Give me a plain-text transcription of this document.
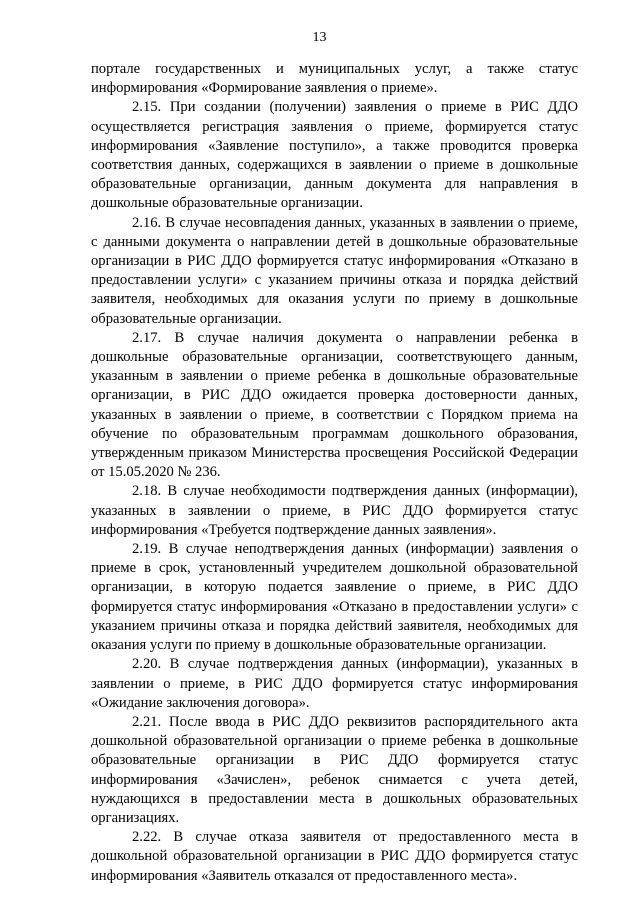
13

порталe государственных и муниципальных услуг, а также статус информирования «Формирование заявления о приеме».

2.15. При создании (получении) заявления о приеме в РИС ДДО осуществляется регистрация заявления о приеме, формируется статус информирования «Заявление поступило», а также проводится проверка соответствия данных, содержащихся в заявлении о приеме в дошкольные образовательные организации, данным документа для направления в дошкольные образовательные организации.

2.16. В случае несовпадения данных, указанных в заявлении о приеме, с данными документа о направлении детей в дошкольные образовательные организации в РИС ДДО формируется статус информирования «Отказано в предоставлении услуги» с указанием причины отказа и порядка действий заявителя, необходимых для оказания услуги по приему в дошкольные образовательные организации.

2.17. В случае наличия документа о направлении ребенка в дошкольные образовательные организации, соответствующего данным, указанным в заявлении о приеме ребенка в дошкольные образовательные организации, в РИС ДДО ожидается проверка достоверности данных, указанных в заявлении о приеме, в соответствии с Порядком приема на обучение по образовательным программам дошкольного образования, утвержденным приказом Министерства просвещения Российской Федерации от 15.05.2020 № 236.

2.18. В случае необходимости подтверждения данных (информации), указанных в заявлении о приеме, в РИС ДДО формируется статус информирования «Требуется подтверждение данных заявления».

2.19. В случае неподтверждения данных (информации) заявления о приеме в срок, установленный учредителем дошкольной образовательной организации, в которую подается заявление о приеме, в РИС ДДО формируется статус информирования «Отказано в предоставлении услуги» с указанием причины отказа и порядка действий заявителя, необходимых для оказания услуги по приему в дошкольные образовательные организации.

2.20. В случае подтверждения данных (информации), указанных в заявлении о приеме, в РИС ДДО формируется статус информирования «Ожидание заключения договора».

2.21. После ввода в РИС ДДО реквизитов распорядительного акта дошкольной образовательной организации о приеме ребенка в дошкольные образовательные организации в РИС ДДО формируется статус информирования «Зачислен», ребенок снимается с учета детей, нуждающихся в предоставлении места в дошкольных образовательных организациях.

2.22. В случае отказа заявителя от предоставленного места в дошкольной образовательной организации в РИС ДДО формируется статус информирования «Заявитель отказался от предоставленного места».
